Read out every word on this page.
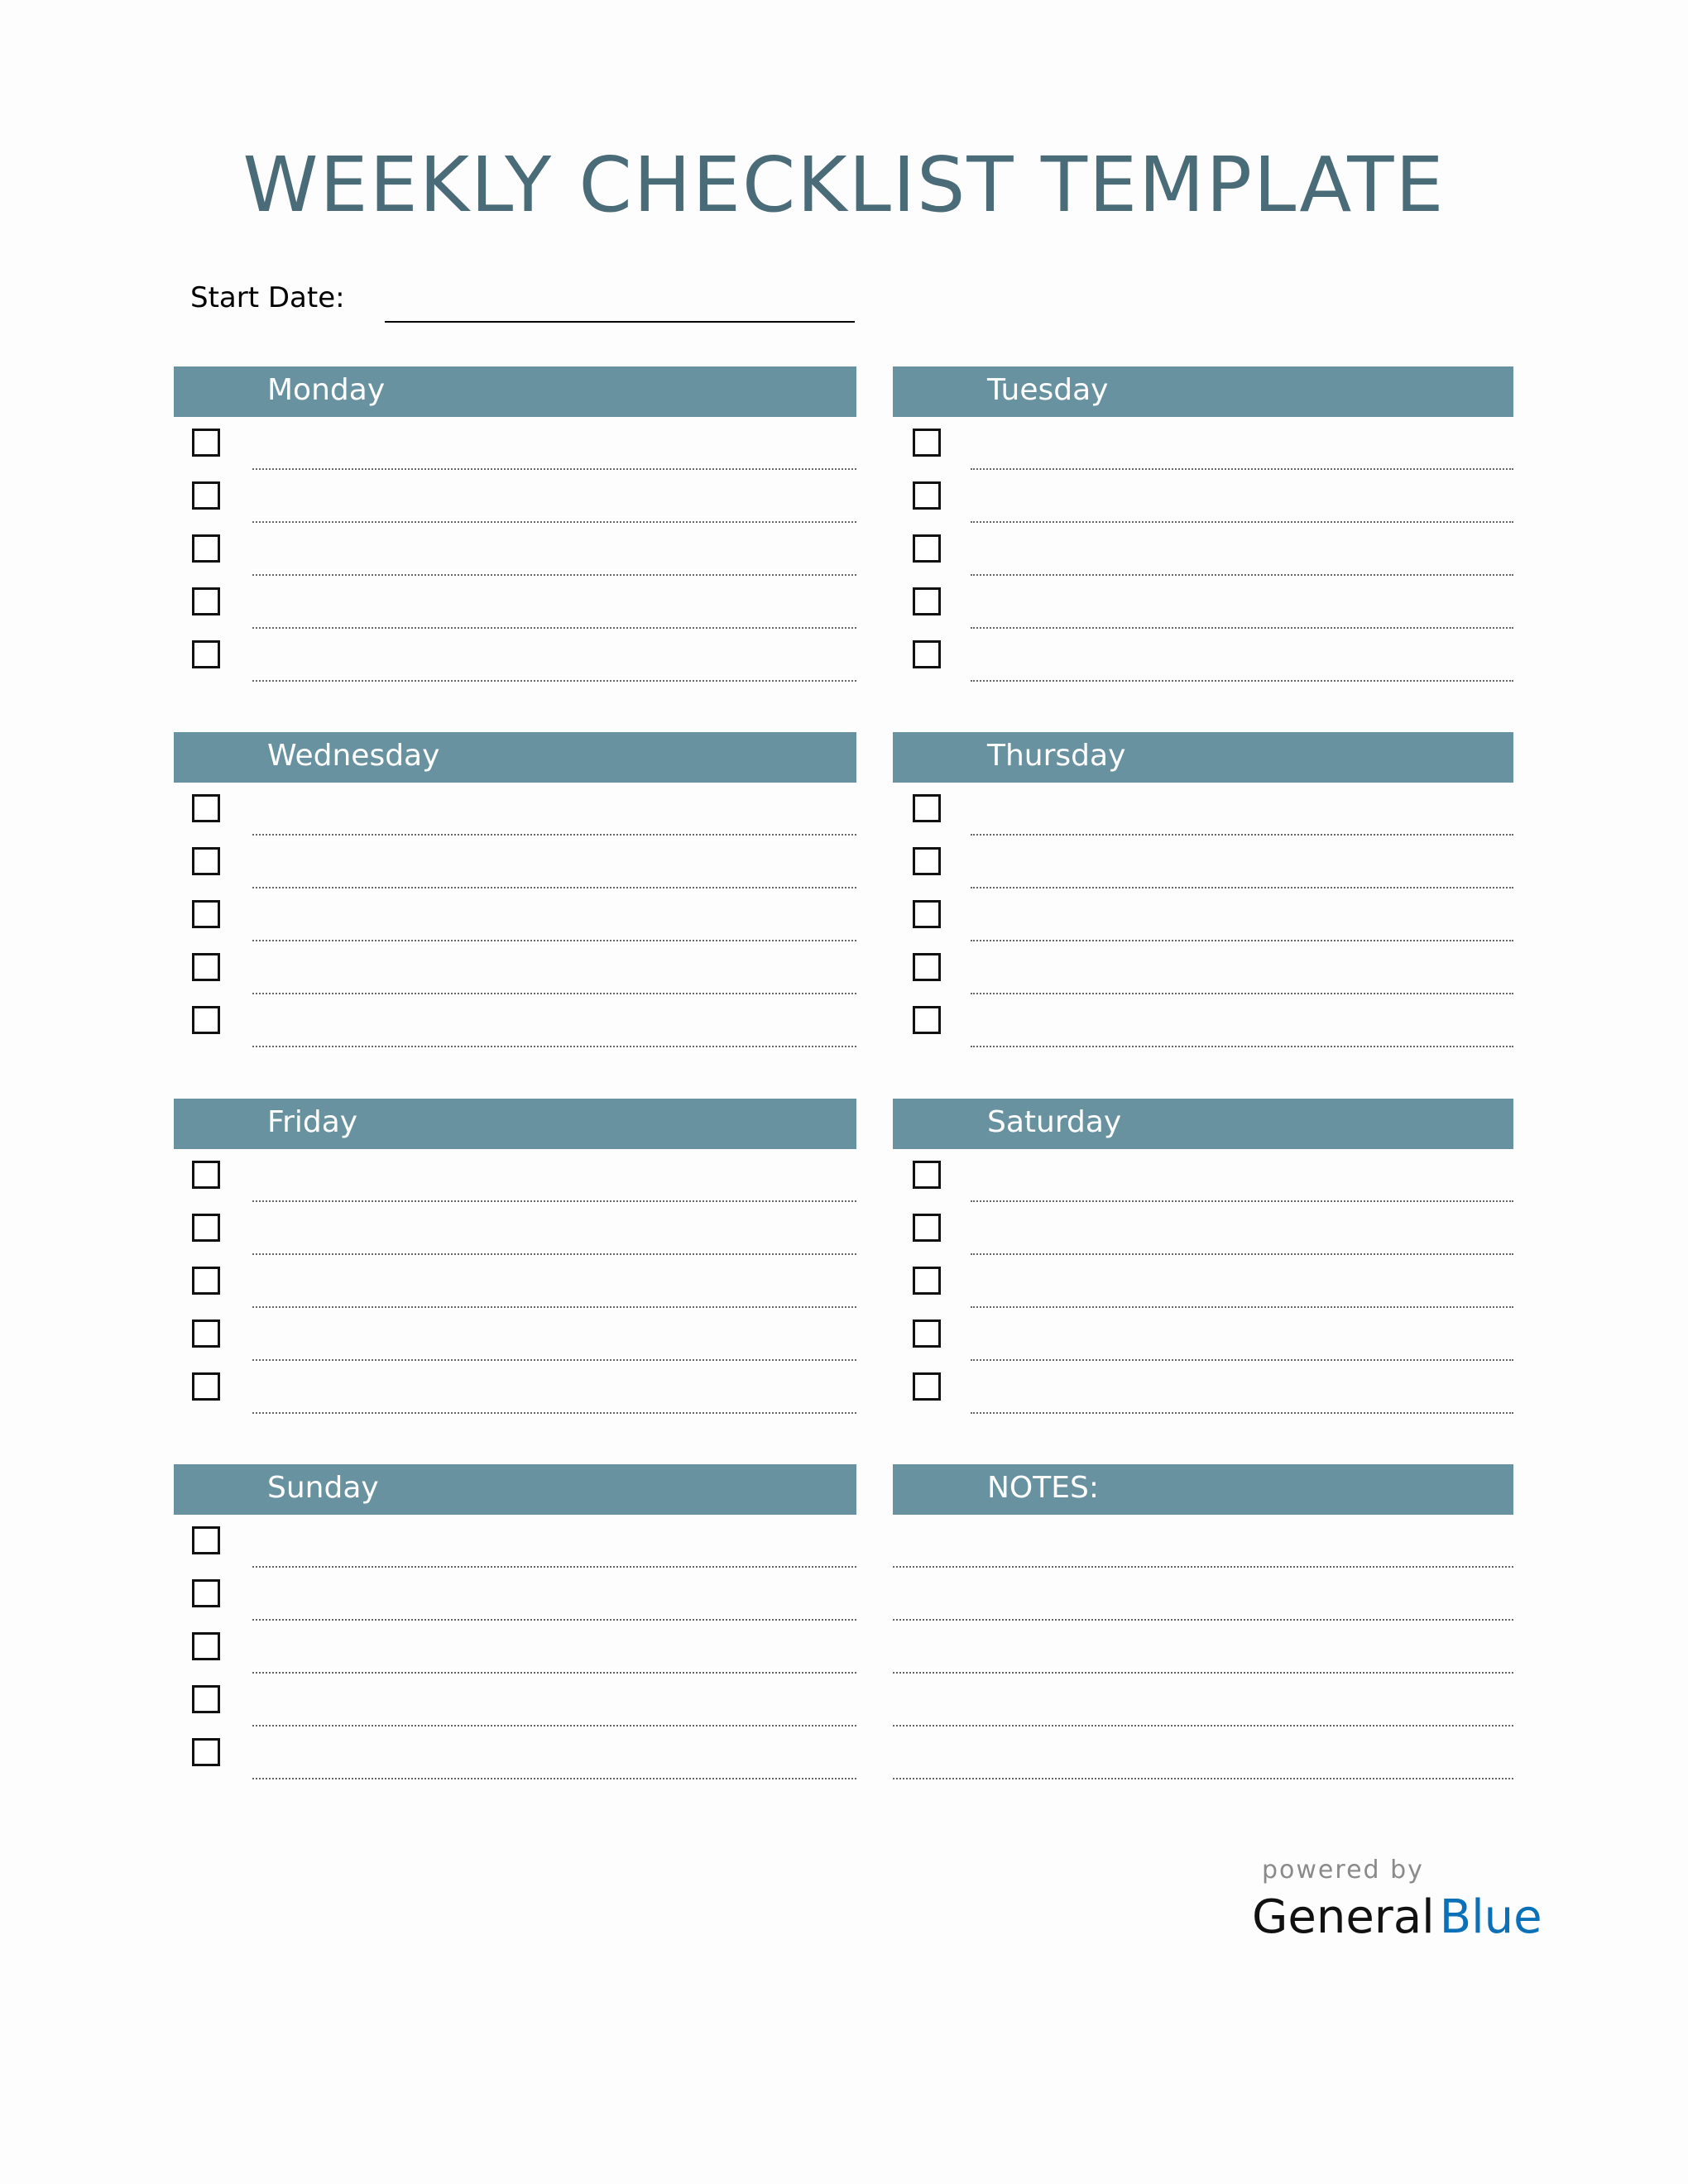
WEEKLY CHECKLIST TEMPLATE
Start Date:
Monday	Tuesday
Wednesday	Thursday
Friday	Saturday
Sunday	NOTES:
powered by
General Blue
